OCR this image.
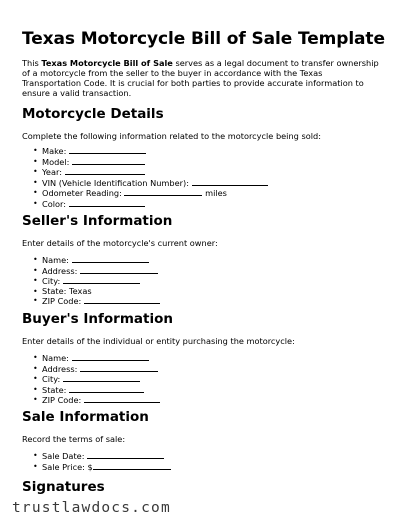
Texas Motorcycle Bill of Sale Template

This Texas Motorcycle Bill of Sale serves as a legal document to transfer ownership of a motorcycle from the seller to the buyer in accordance with the Texas Transportation Code. It is crucial for both parties to provide accurate information to ensure a valid transaction.

Motorcycle Details

Complete the following information related to the motorcycle being sold:

• Make:
• Model:
• Year:
• VIN (Vehicle Identification Number):
• Odometer Reading:	miles
• Color:
Seller's Information

Enter details of the motorcycle's current owner:

• Name:
• Address:
• City:
• State: Texas
• ZIP Code:
Buyer's Information

Enter details of the individual or entity purchasing the motorcycle:

• Name:
• Address:
• City:
• State:
• ZIP Code:
Sale Information

Record the terms of sale:

• Sale Date:
• Sale Price: $
Signatures
trustlawdocs.com
